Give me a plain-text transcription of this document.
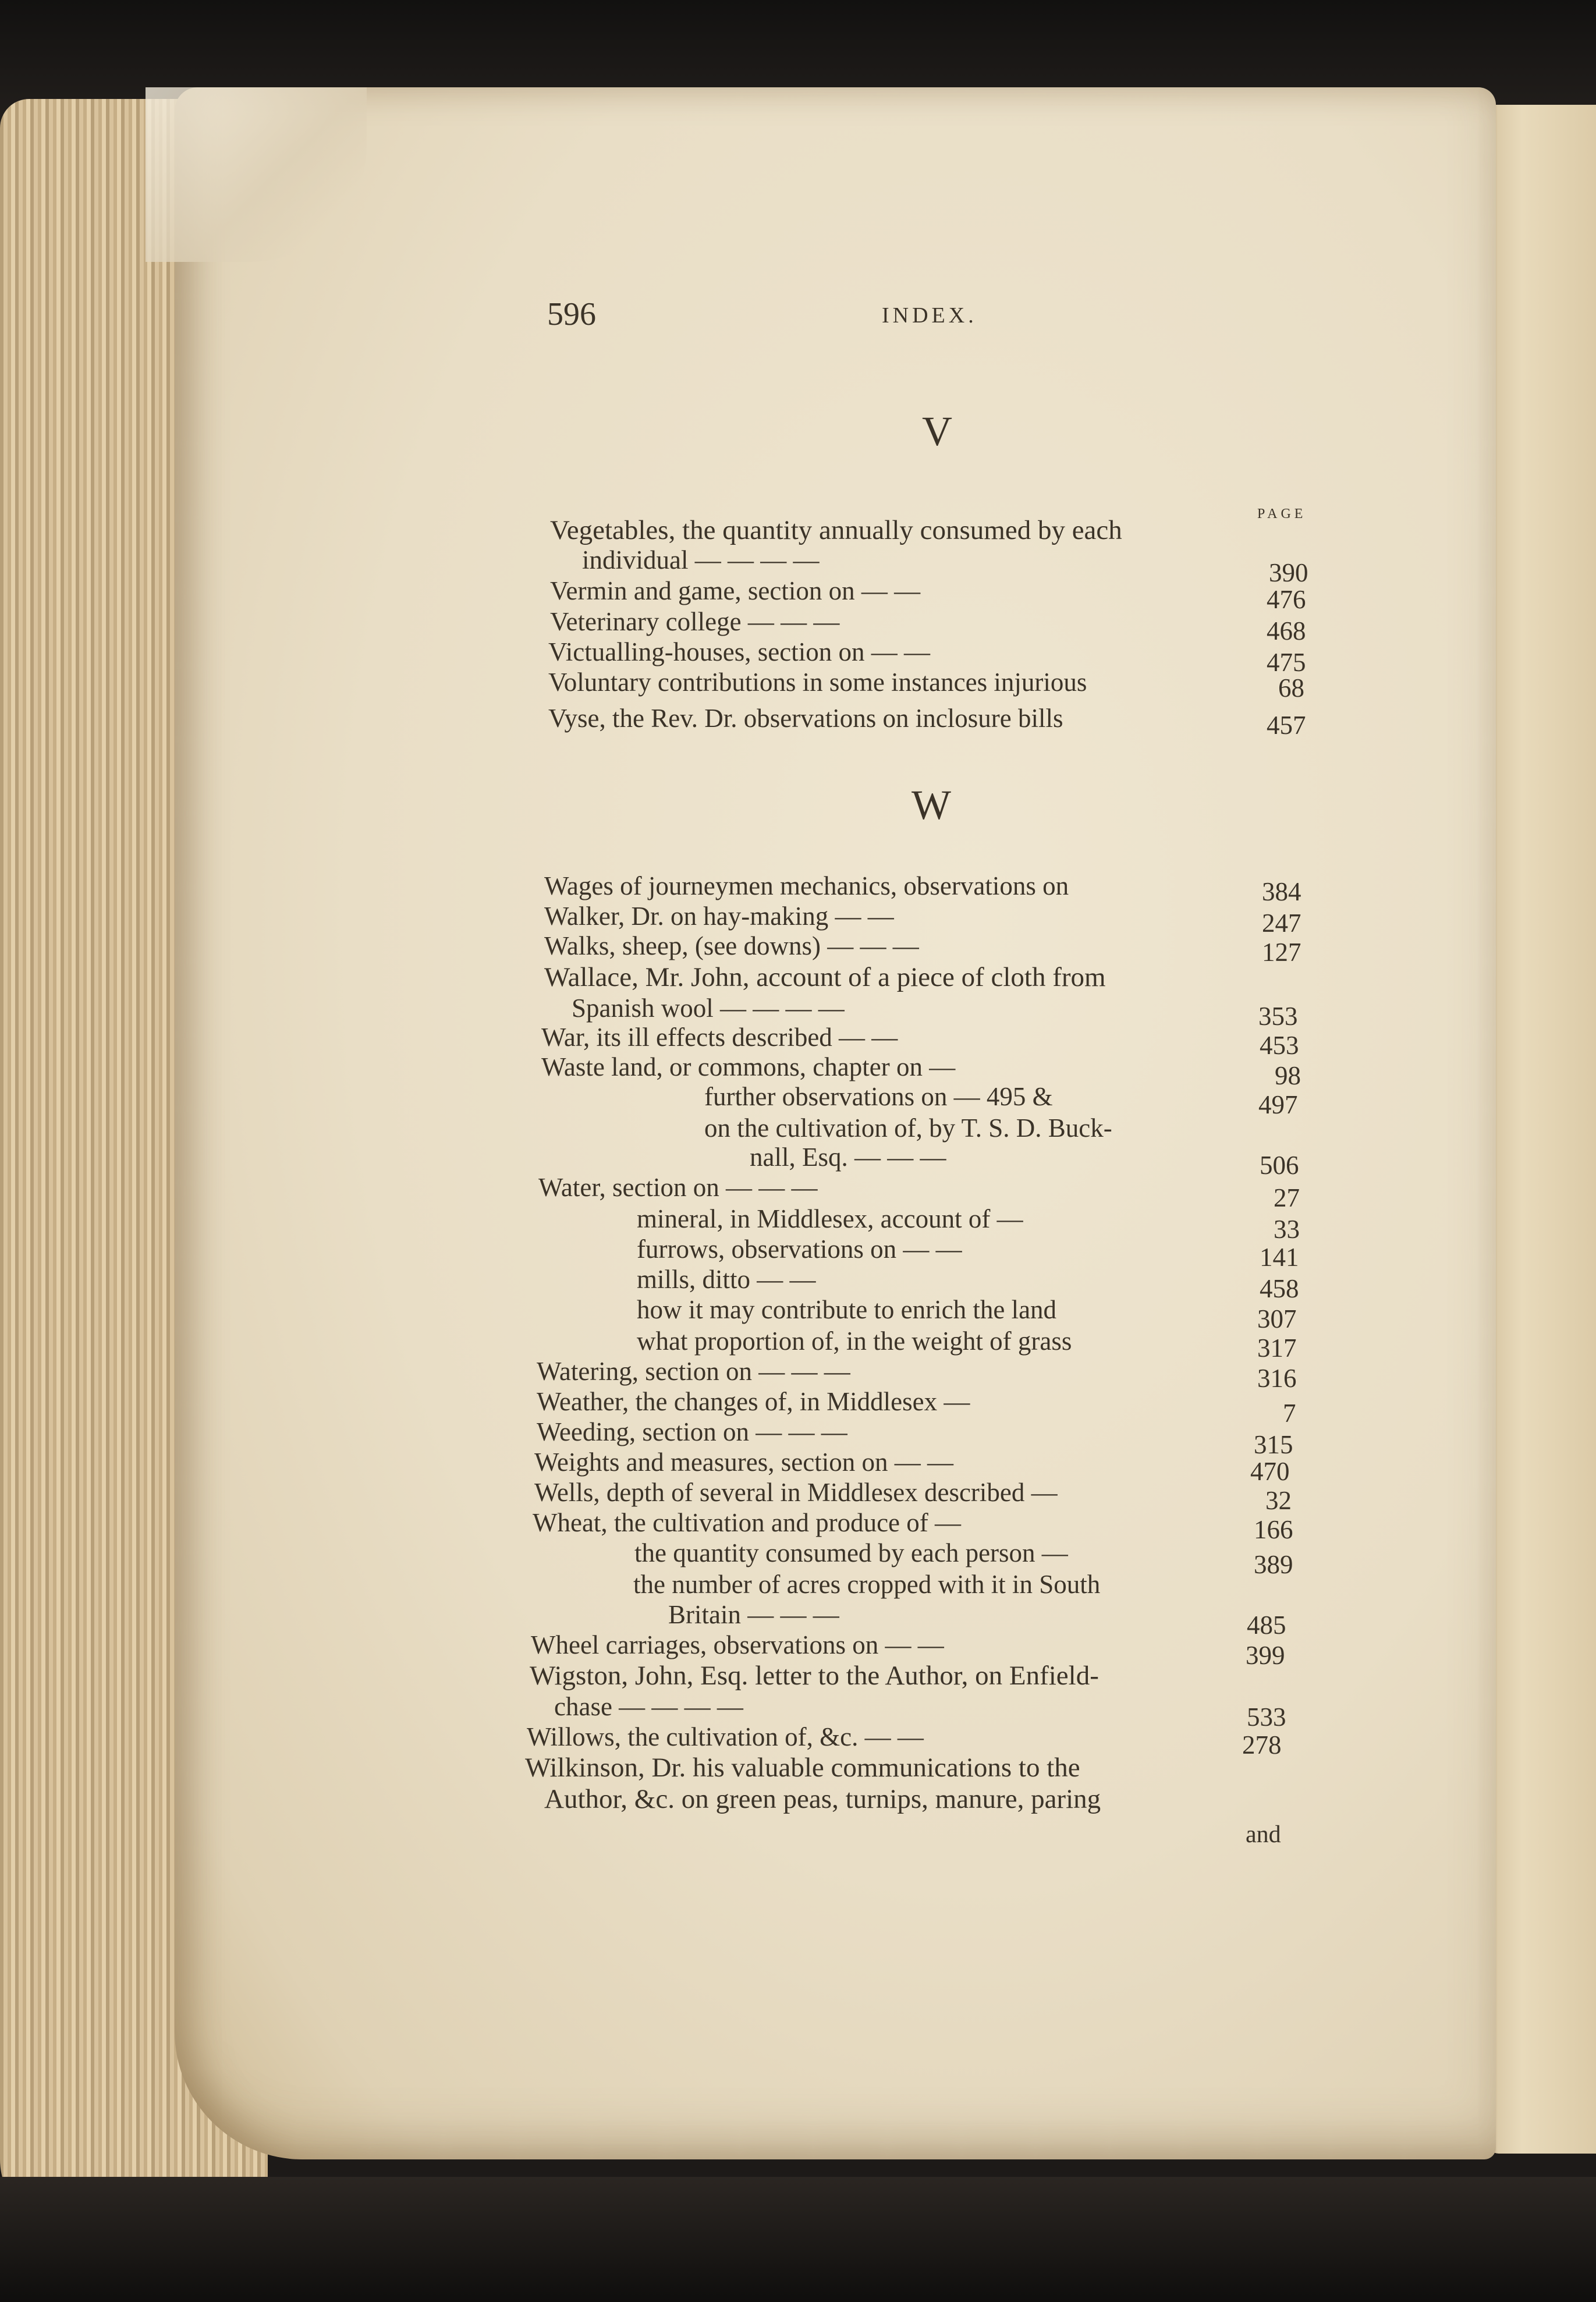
596	INDEX.
V
PAGE
W
Vegetables, the quantity annually consumed by each
individual — — — —	390
Vermin and game, section on — —	476
Veterinary college — — —	468
Victualling-houses, section on — —	475
Voluntary contributions in some instances injurious	68
Vyse, the Rev. Dr. observations on inclosure bills	457
Wages of journeymen mechanics, observations on	384
Walker, Dr. on hay-making — —	247
Walks, sheep, (see downs) — — —	127
Wallace, Mr. John, account of a piece of cloth from
Spanish wool — — — —	353
War, its ill effects described — —	453
Waste land, or commons, chapter on —	98
further observations on — 495 &	497
on the cultivation of, by T. S. D. Buck-
nall, Esq. — — —	506
Water, section on — — —	27
mineral, in Middlesex, account of —	33
furrows, observations on — —	141
mills, ditto — —	458
how it may contribute to enrich the land	307
what proportion of, in the weight of grass	317
Watering, section on — — —	316
Weather, the changes of, in Middlesex —	7
Weeding, section on — — —	315
Weights and measures, section on — —	470
Wells, depth of several in Middlesex described —	32
Wheat, the cultivation and produce of —	166
the quantity consumed by each person —	389
the number of acres cropped with it in South
Britain — — —	485
Wheel carriages, observations on — —	399
Wigston, John, Esq. letter to the Author, on Enfield-
chase — — — —	533
Willows, the cultivation of, &c. — —	278
Wilkinson, Dr. his valuable communications to the
Author, &c. on green peas, turnips, manure, paring
and
